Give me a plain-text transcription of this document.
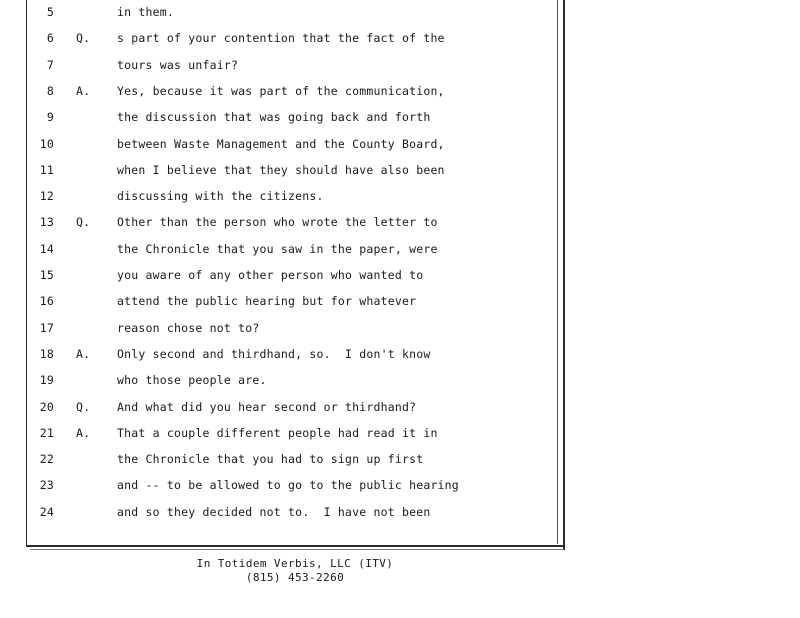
5	in them.
6 Q. s part of your contention that the fact of the
7	tours was unfair?
8 A. Yes, because it was part of the communication,
9	the discussion that was going back and forth
10	between Waste Management and the County Board,
11	when I believe that they should have also been
12	discussing with the citizens.
13 Q. Other than the person who wrote the letter to
14	the Chronicle that you saw in the paper, were
15	you aware of any other person who wanted to
16	attend the public hearing but for whatever
17	reason chose not to?
18 A. Only second and thirdhand, so.  I don't know
19	who those people are.
20 Q. And what did you hear second or thirdhand?
21 A. That a couple different people had read it in
22	the Chronicle that you had to sign up first
23	and -- to be allowed to go to the public hearing
24	and so they decided not to.  I have not been
In Totidem Verbis, LLC (ITV)
(815) 453-2260
